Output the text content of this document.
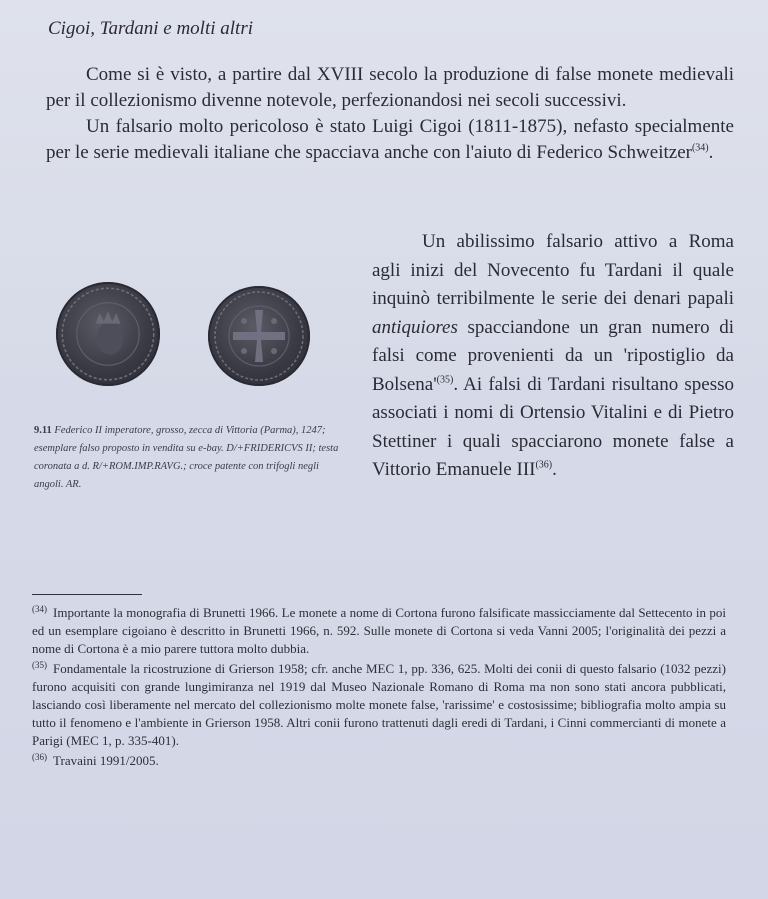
Cigoi, Tardani e molti altri

Come si è visto, a partire dal XVIII secolo la produzione di false monete medievali per il collezionismo divenne notevole, perfezionandosi nei secoli successivi.

Un falsario molto pericoloso è stato Luigi Cigoi (1811-1875), nefasto specialmente per le serie medievali italiane che spacciava anche con l'aiuto di Federico Schweitzer$^{(34)}$.

9.11 Federico II imperatore, grosso, zecca di Vittoria (Parma), 1247; esemplare falso proposto in vendita su e-bay. D/+FRIDERICVS II; testa coronata a d. R/+ROM.IMP.RAVG.; croce patente con trifogli negli angoli. AR.

Un abilissimo falsario attivo a Roma agli inizi del Novecento fu Tardani il quale inquinò terribilmente le serie dei denari papali antiquiores spacciandone un gran numero di falsi come provenienti da un 'ripostiglio da $Bolsena'^{(35)}$. Ai falsi di Tardani risultano spesso associati i nomi di Ortensio Vitalini e di Pietro Stettiner i quali spacciarono monete false a Vittorio Emanuele III$^{(36)}$.

$^{(34)}$ Importante la monografia di Brunetti 1966. Le monete a nome di Cortona furono falsificate massicciamente dal Settecento in poi ed un esemplare cigoiano è descritto in Brunetti 1966, n. 592. Sulle monete di Cortona si veda Vanni 2005; l'originalità dei pezzi a nome di Cortona è a mio parere tuttora molto dubbia.

$^{(35)}$ Fondamentale la ricostruzione di Grierson 1958; cfr. anche MEC 1, pp. 336, 625. Molti dei conii di questo falsario (1032 pezzi) furono acquisiti con grande lungimiranza nel 1919 dal Museo Nazionale Romano di Roma ma non sono stati ancora pubblicati, lasciando così liberamente nel mercato del collezionismo molte monete false, 'rarissime' e costosissime; bibliografia molto ampia su tutto il fenomeno e l'ambiente in Grierson 1958. Altri conii furono trattenuti dagli eredi di Tardani, i Cinni commercianti di monete a Parigi (MEC 1, p. 335-401).

$^{(36)}$ Travaini 1991/2005.
